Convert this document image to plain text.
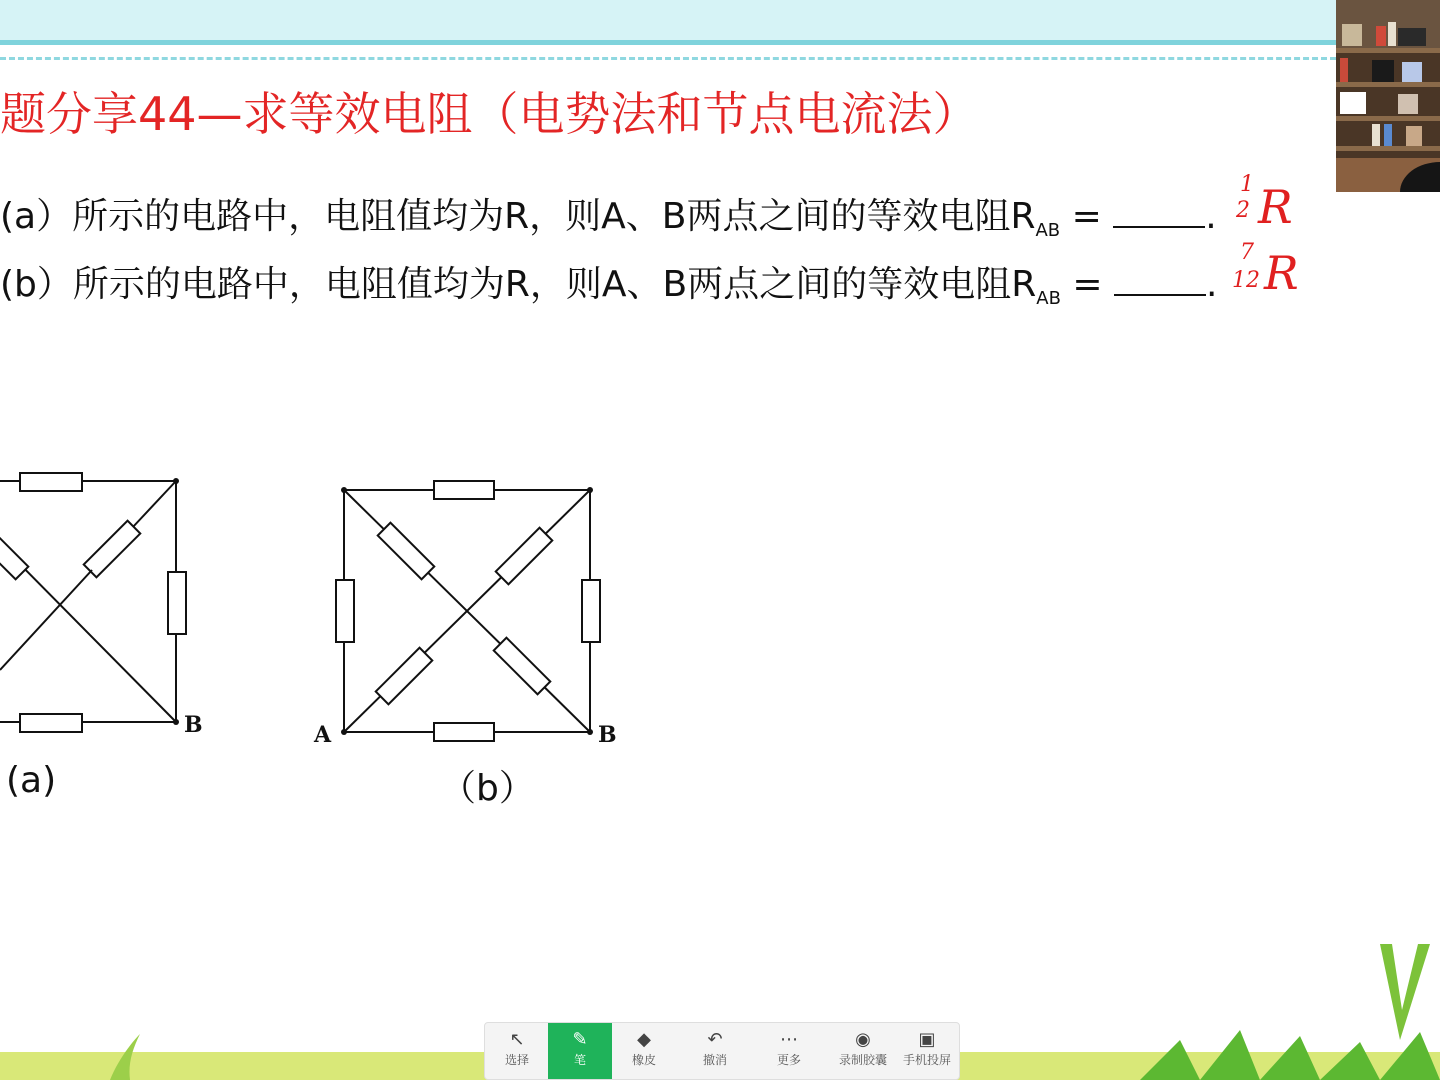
题分享44—求等效电阻（电势法和节点电流法）
(a）所示的电路中，电阻值均为R，则A、B两点之间的等效电阻$R_{AB}$ =	.
(b）所示的电路中，电阻值均为R，则A、B两点之间的等效电阻$R_{AB}$ =	.
1
2 R
7
12 R
B	A	B
(a)	（b）
↖
选择
✎
笔
◆
橡皮
↶
撤消
⋯
更多
◉
录制胶囊
▣
手机投屏
